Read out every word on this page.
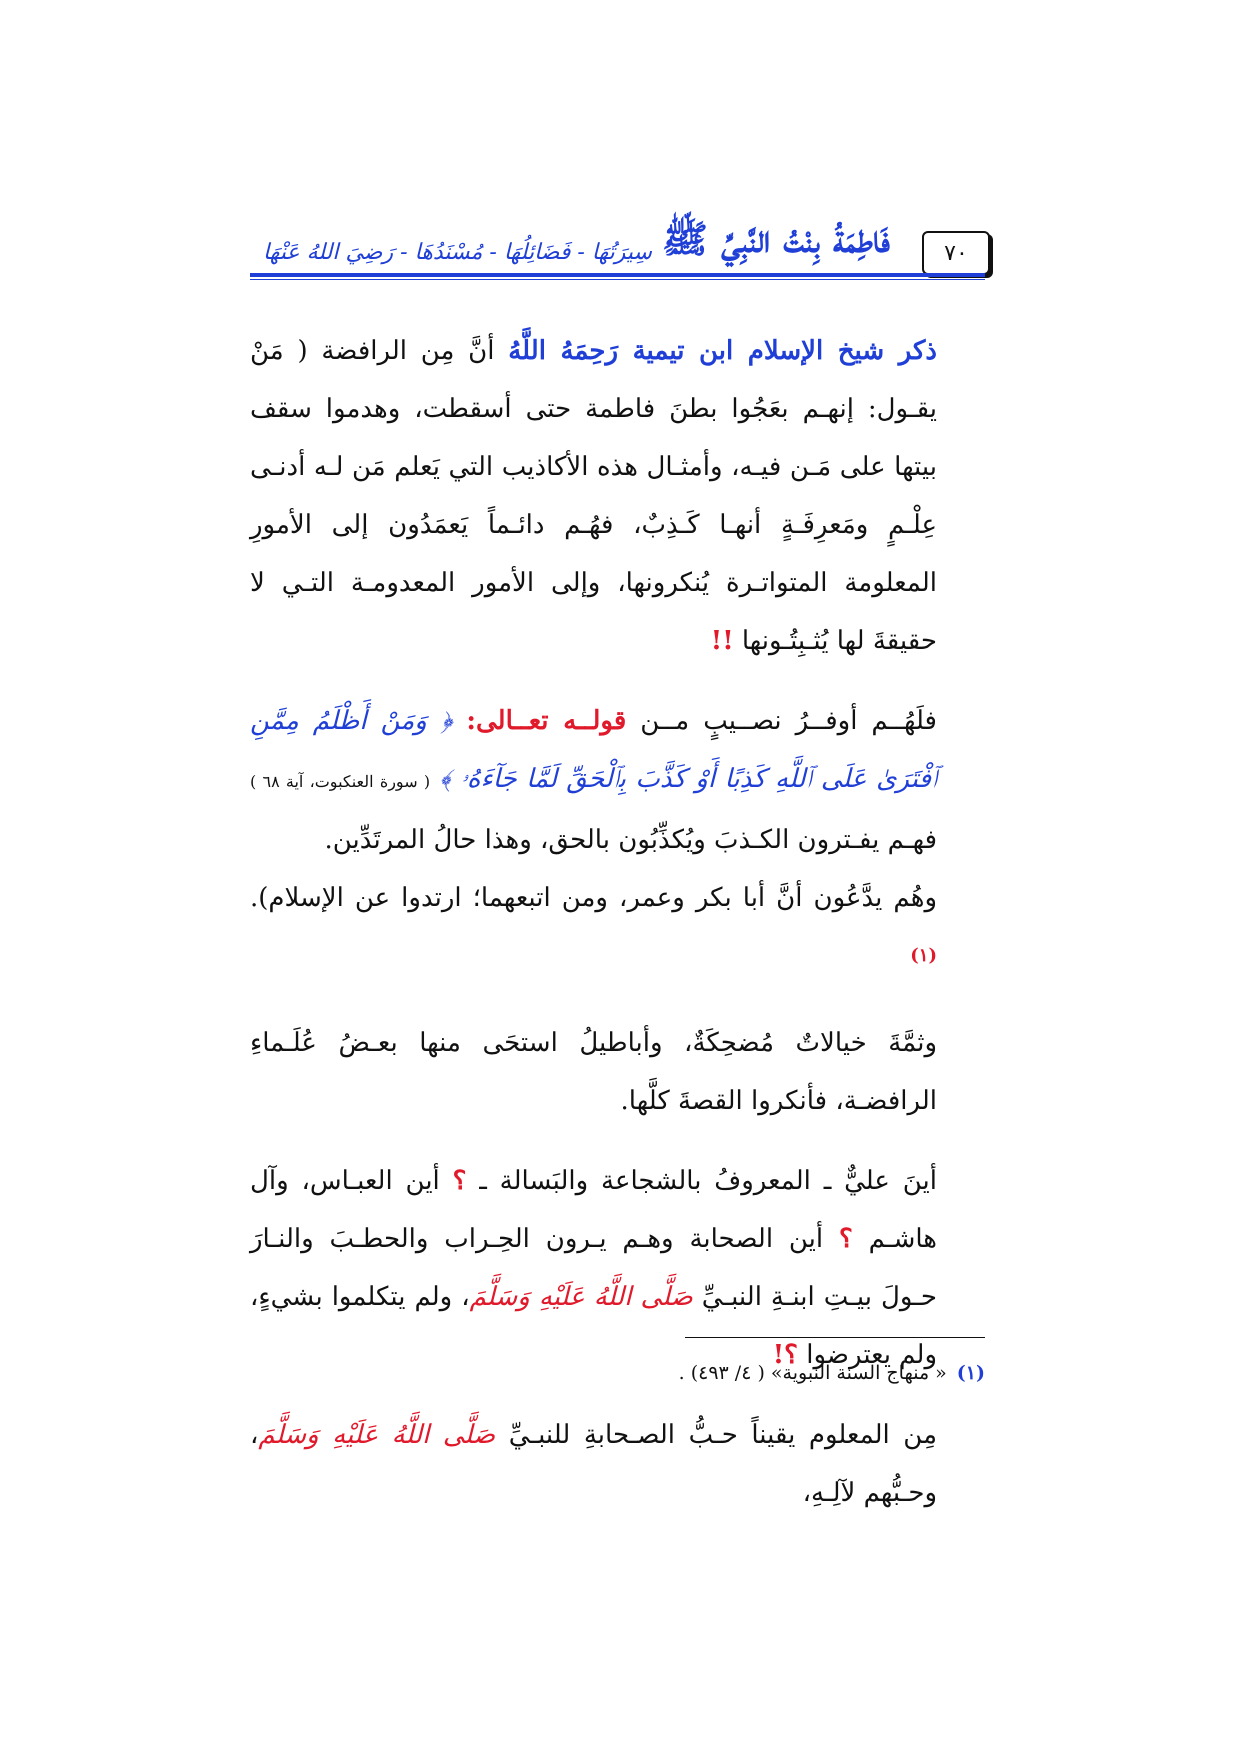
٧٠
فَاطِمَةُ بِنْتُ النَّبِيِّ ﷺ
سِيرَتُهَا - فَضَائِلُهَا - مُسْنَدُهَا - رَضِيَ اللهُ عَنْهَا

ذكر شيخ الإسلام ابن تيمية رَحِمَهُ اللَّهُ أنَّ مِن الرافضة ( مَنْ يقـول: إنهـم بعَجُوا بطنَ فاطمة حتى أسقطت، وهدموا سقف بيتها على مَـن فيـه، وأمثـال هذه الأكاذيب التي يَعلم مَن لـه أدنـى عِلْـمٍ ومَعرِفَـةٍ أنهـا كَـذِبٌ، فهُـم دائـماً يَعمَدُون إلى الأمورِ المعلومة المتواتـرة يُنكرونها، وإلى الأمور المعدومـة التـي لا حقيقةَ لها يُثـبِتُـونها !!

فلَهُــم أوفــرُ نصــيبٍ مــن قولــه تعــالى: ﴿ وَمَنْ أَظْلَمُ مِمَّنِ ٱفْتَرَىٰ عَلَى ٱللَّهِ كَذِبًا أَوْ كَذَّبَ بِٱلْحَقِّ لَمَّا جَآءَهُۥ ﴾ ( سورة العنكبوت، آية ٦٨ ) فهـم يفـترون الكـذبَ ويُكذِّبُون بالحق، وهذا حالُ المرتَدِّين.

وهُم يدَّعُون أنَّ أبا بكر وعمر، ومن اتبعهما؛ ارتدوا عن الإسلام). $^{(١)}$

وثمَّةَ خيالاتٌ مُضحِكَةٌ، وأباطيلُ استحَى منها بعـضُ عُلَـماءِ الرافضـة، فأنكروا القصةَ كلَّها.

أينَ عليٌّ ـ المعروفُ بالشجاعة والبَسالة ـ ؟ أين العبـاس، وآل هاشـم ؟ أين الصحابة وهـم يـرون الحِـراب والحطـبَ والنـارَ حـولَ بيـتِ ابنـةِ النبـيِّ صَلَّى اللَّهُ عَلَيْهِ وَسَلَّمَ، ولم يتكلموا بشيءٍ، ولم يعترضوا ؟!

مِن المعلوم يقيناً حـبُّ الصـحابةِ للنبـيِّ صَلَّى اللَّهُ عَلَيْهِ وَسَلَّمَ، وحـبُّهم لآلِـهِ،

(١)« منهاج السنة النبوية» ( ٤/ ٤٩٣) .
